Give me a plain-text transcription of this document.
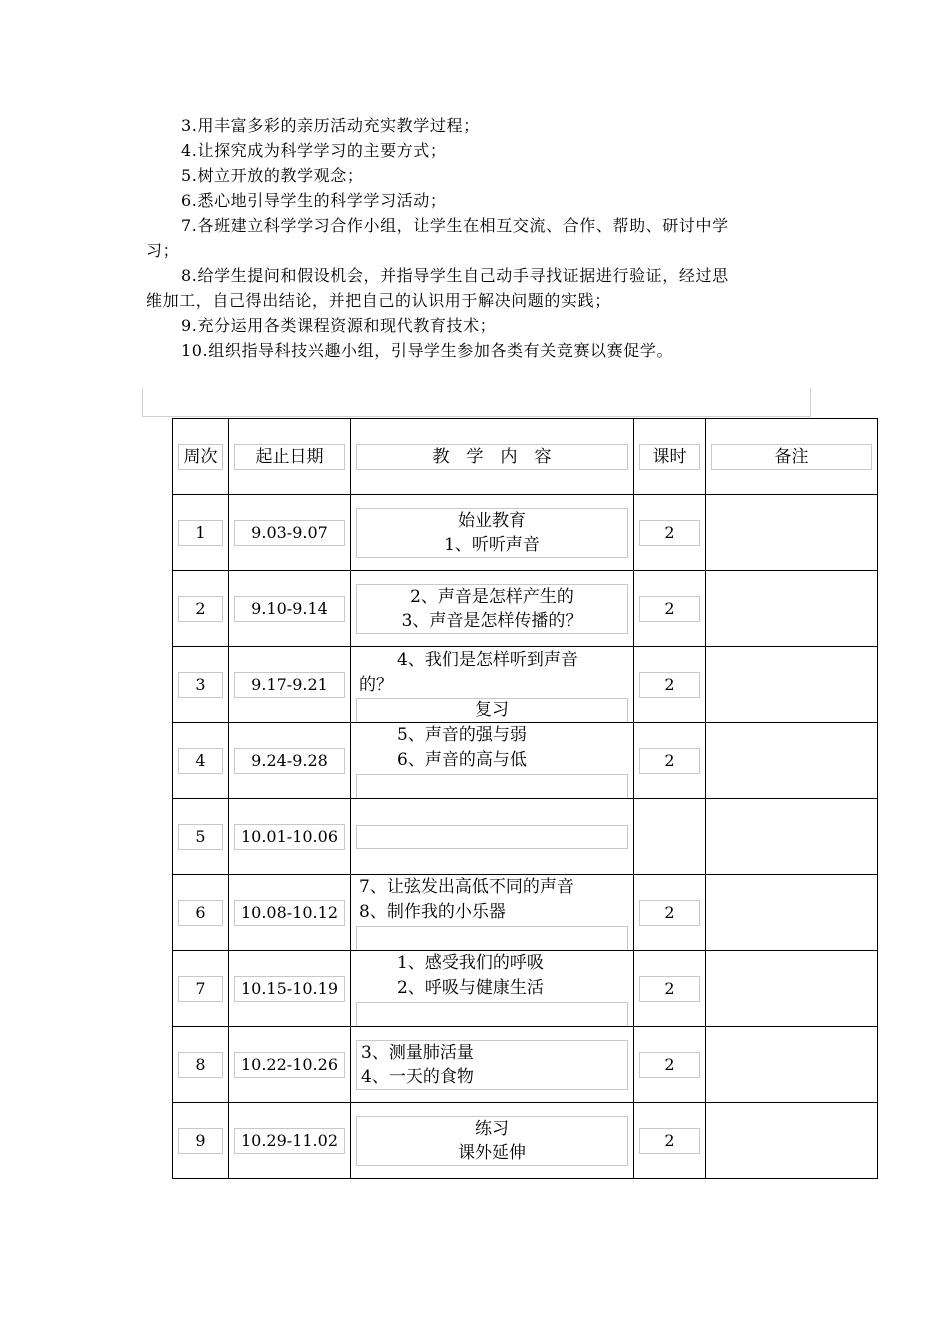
3.用丰富多彩的亲历活动充实教学过程；
4.让探究成为科学学习的主要方式；
5.树立开放的教学观念；
6.悉心地引导学生的科学学习活动；
7.各班建立科学学习合作小组，让学生在相互交流、合作、帮助、研讨中学
习；
8.给学生提问和假设机会，并指导学生自己动手寻找证据进行验证，经过思
维加工，自己得出结论，并把自己的认识用于解决问题的实践；
9.充分运用各类课程资源和现代教育技术；
10.组织指导科技兴趣小组，引导学生参加各类有关竞赛以赛促学。
周次	起止日期	教　学　内　容	课时	备注

1	9.03-9.07	始业教育
1、听听声音	2	

2	9.10-9.14	2、声音是怎样产生的
3、声音是怎样传播的？	2	

3	9.17-9.21	4、我们是怎样听到声音
的？
复习	2	

4	9.24-9.28	5、声音的强与弱
6、声音的高与低	2	

5	10.01-10.06			

6	10.08-10.12	7、让弦发出高低不同的声音
8、制作我的小乐器	2	

7	10.15-10.19	1、感受我们的呼吸
2、呼吸与健康生活	2	

8	10.22-10.26	3、测量肺活量
4、一天的食物	2	

9	10.29-11.02	练习
课外延伸	2	
